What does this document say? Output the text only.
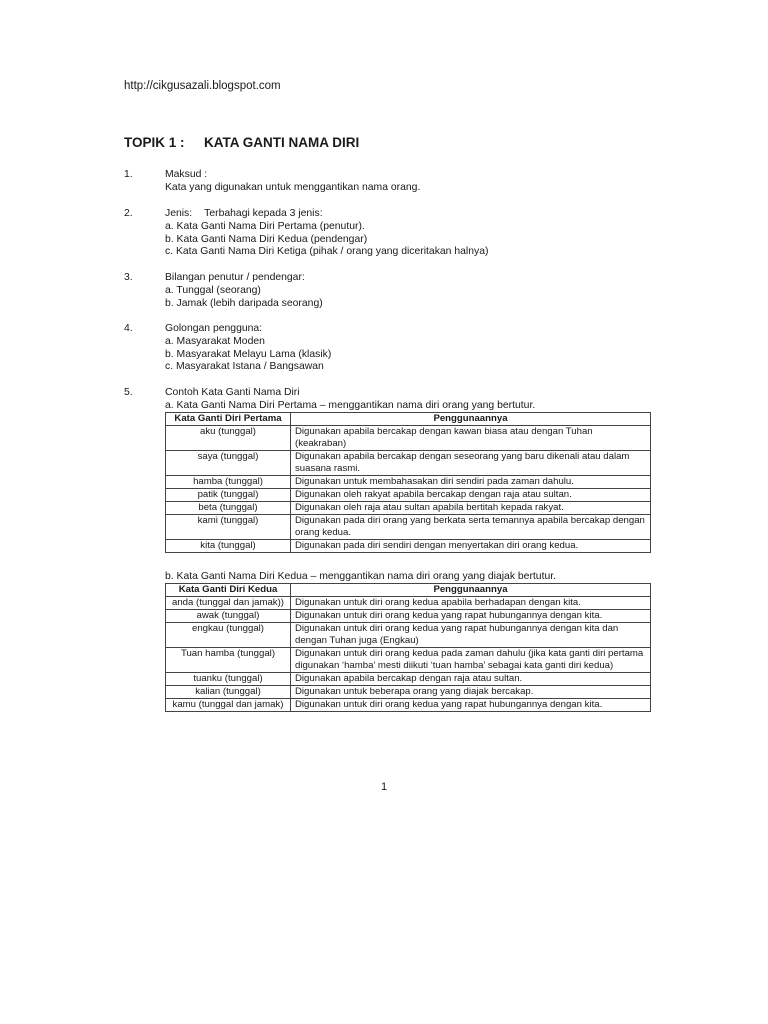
http://cikgusazali.blogspot.com
TOPIK 1 : KATA GANTI NAMA DIRI
1.	Maksud :
Kata yang digunakan untuk menggantikan nama orang.
2.	Jenis: Terbahagi kepada 3 jenis:
a. Kata Ganti Nama Diri Pertama (penutur).
b. Kata Ganti Nama Diri Kedua (pendengar)
c. Kata Ganti Nama Diri Ketiga (pihak / orang yang diceritakan halnya)
3.	Bilangan penutur / pendengar:
a. Tunggal (seorang)
b. Jamak (lebih daripada seorang)
4.	Golongan pengguna:
a. Masyarakat Moden
b. Masyarakat Melayu Lama (klasik)
c. Masyarakat Istana / Bangsawan
5.	Contoh Kata Ganti Nama Diri
a. Kata Ganti Nama Diri Pertama – menggantikan nama diri orang yang bertutur.
Kata Ganti Diri Pertama	Penggunaannya
aku (tunggal)	Digunakan apabila bercakap dengan kawan biasa atau dengan Tuhan (keakraban)
saya (tunggal)	Digunakan apabila bercakap dengan seseorang yang baru dikenali atau dalam suasana rasmi.
hamba (tunggal)	Digunakan untuk membahasakan diri sendiri pada zaman dahulu.
patik (tunggal)	Digunakan oleh rakyat apabila bercakap dengan raja atau sultan.
beta (tunggal)	Digunakan oleh raja atau sultan apabila bertitah kepada rakyat.
kami (tunggal)	Digunakan pada diri orang yang berkata serta temannya apabila bercakap dengan orang kedua.
kita (tunggal)	Digunakan pada diri sendiri dengan menyertakan diri orang kedua.
b. Kata Ganti Nama Diri Kedua – menggantikan nama diri orang yang diajak bertutur.
Kata Ganti Diri Kedua	Penggunaannya
anda (tunggal dan jamak))	Digunakan untuk diri orang kedua apabila berhadapan dengan kita.
awak (tunggal)	Digunakan untuk diri orang kedua yang rapat hubungannya dengan kita.
engkau (tunggal)	Digunakan untuk diri orang kedua yang rapat hubungannya dengan kita dan dengan Tuhan juga (Engkau)
Tuan hamba (tunggal)	Digunakan untuk diri orang kedua pada zaman dahulu (jika kata ganti diri pertama digunakan ‘hamba’ mesti diikuti ‘tuan hamba’ sebagai kata ganti diri kedua)
tuanku (tunggal)	Digunakan apabila bercakap dengan raja atau sultan.
kalian (tunggal)	Digunakan untuk beberapa orang yang diajak bercakap.
kamu (tunggal dan jamak)	Digunakan untuk diri orang kedua yang rapat hubungannya dengan kita.
1
